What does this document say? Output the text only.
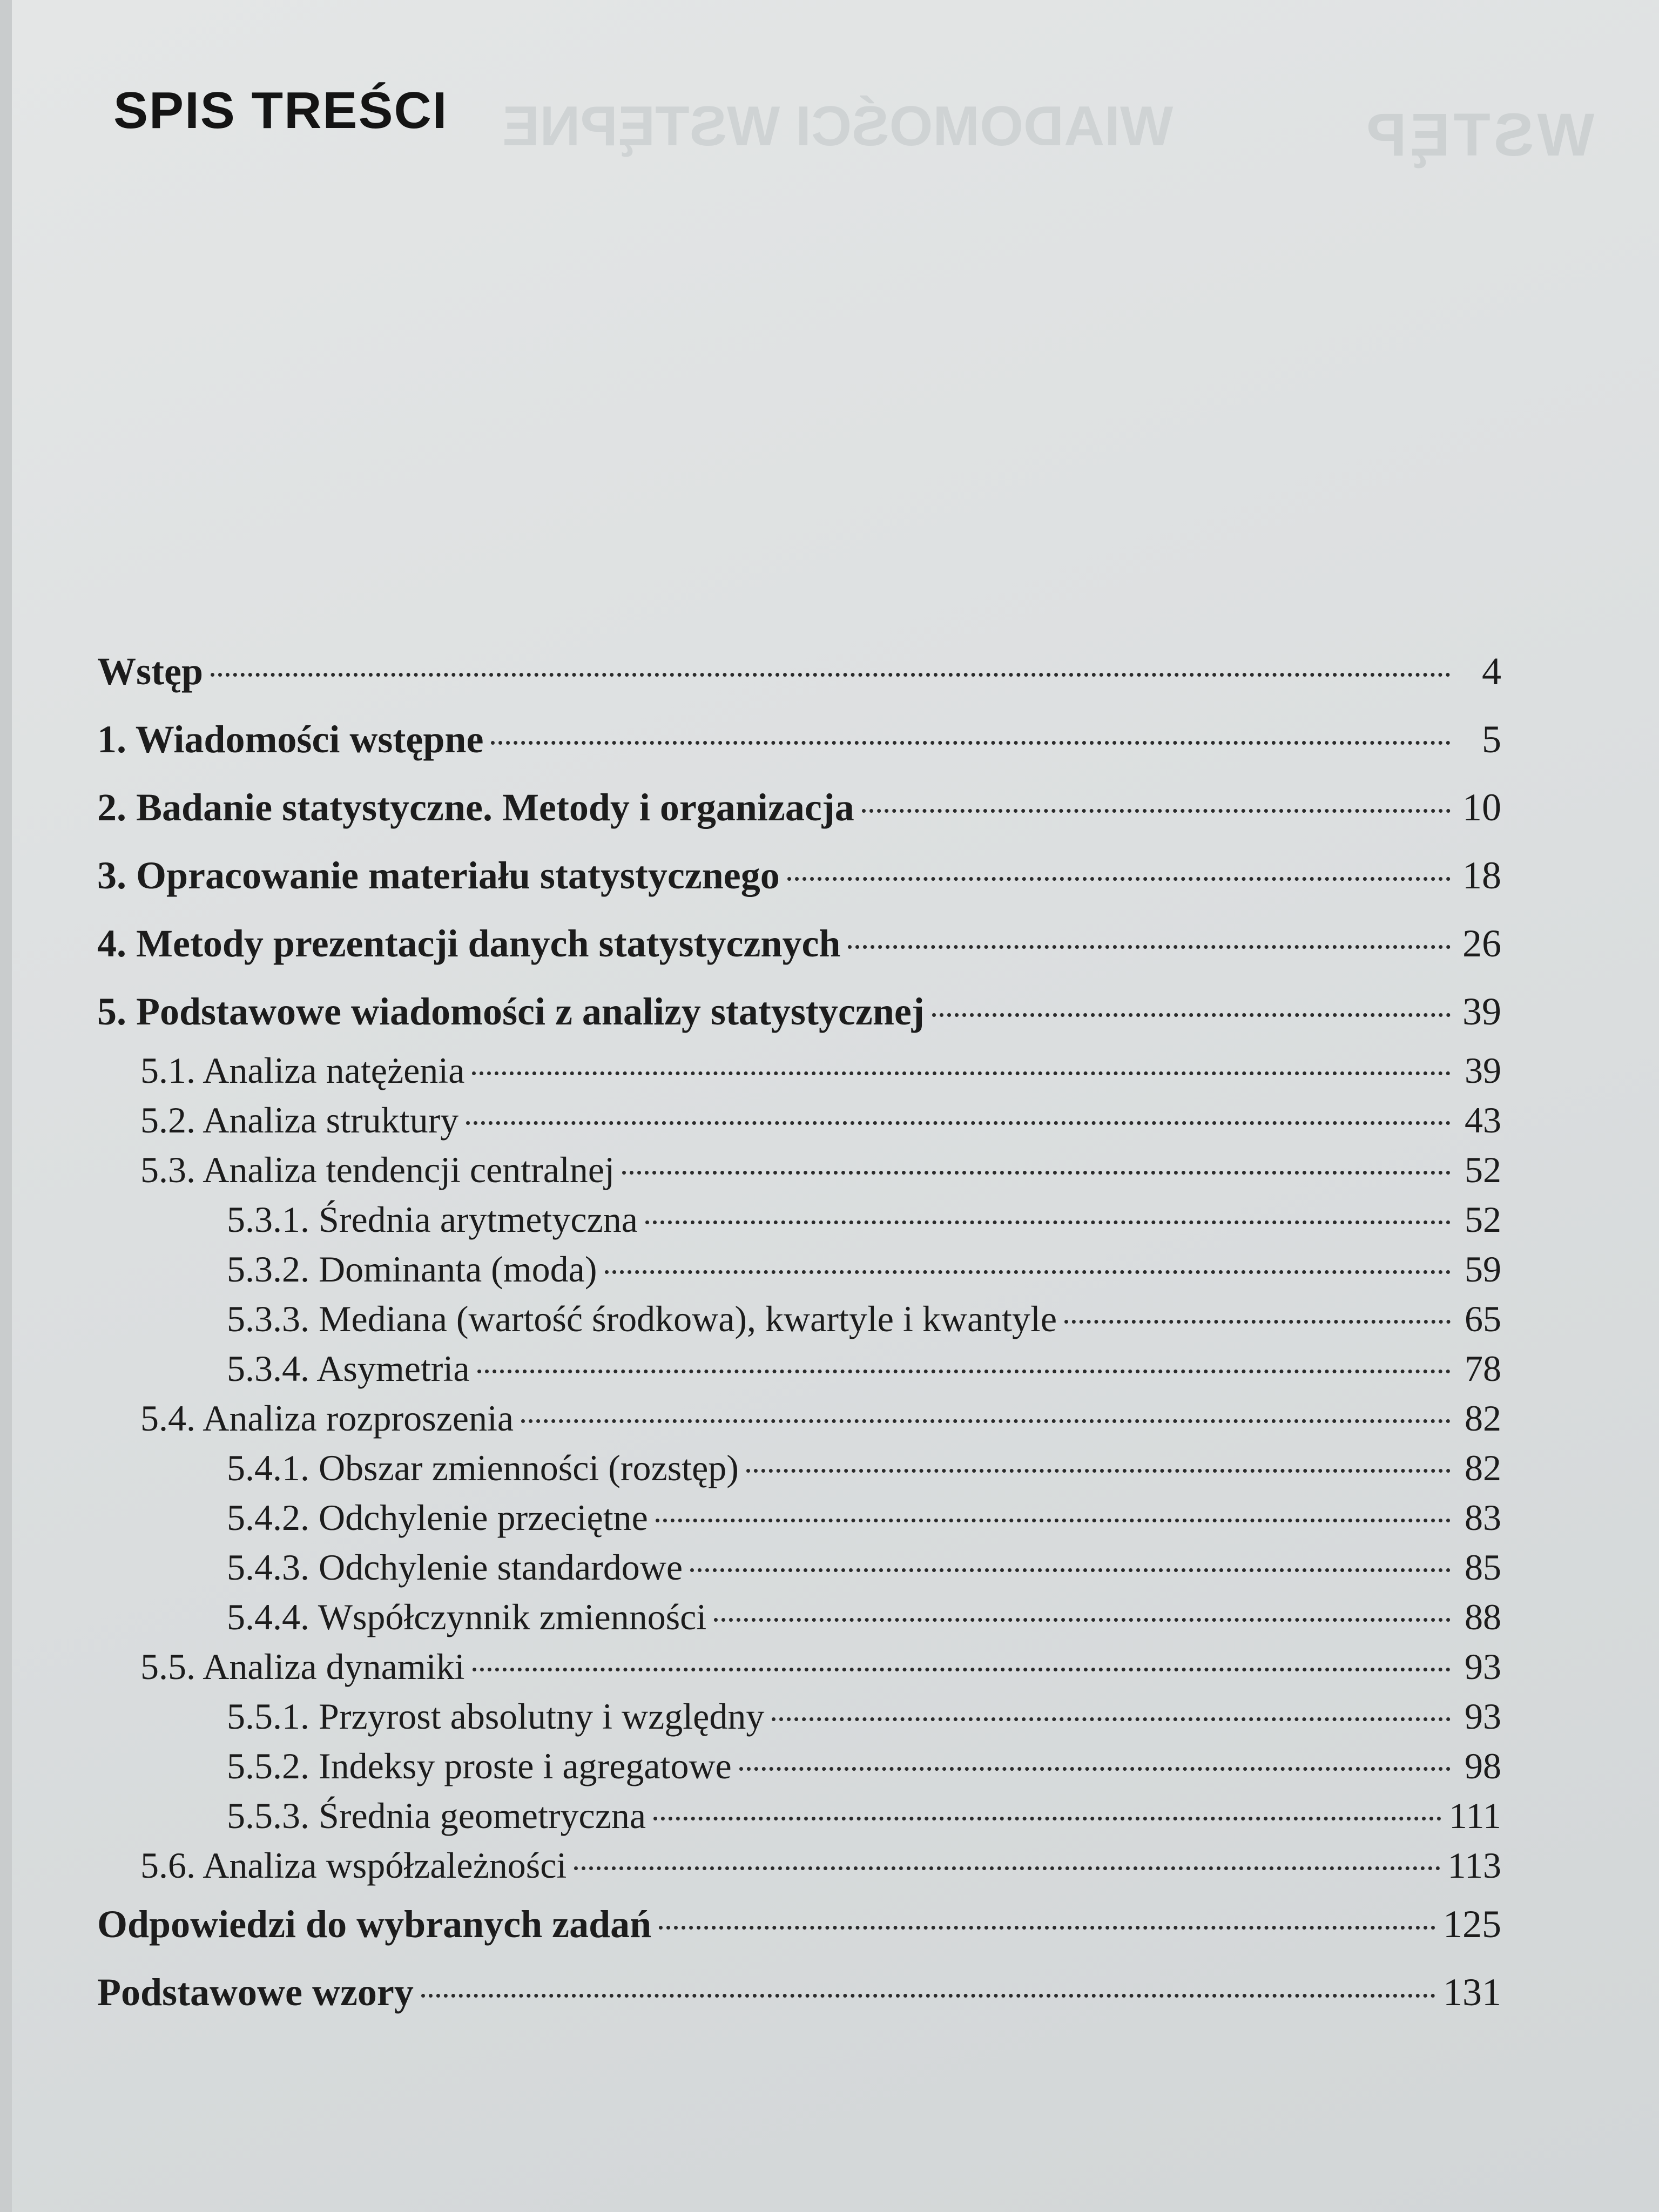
WIADOMOŚCI WSTĘPNE	WSTĘP
SPIS TREŚCI
Wstęp	4
1. Wiadomości wstępne	5
2. Badanie statystyczne. Metody i organizacja	10
3. Opracowanie materiału statystycznego	18
4. Metody prezentacji danych statystycznych	26
5. Podstawowe wiadomości z analizy statystycznej	39
5.1. Analiza natężenia	39
5.2. Analiza struktury	43
5.3. Analiza tendencji centralnej	52
5.3.1. Średnia arytmetyczna	52
5.3.2. Dominanta (moda)	59
5.3.3. Mediana (wartość środkowa), kwartyle i kwantyle	65
5.3.4. Asymetria	78
5.4. Analiza rozproszenia	82
5.4.1. Obszar zmienności (rozstęp)	82
5.4.2. Odchylenie przeciętne	83
5.4.3. Odchylenie standardowe	85
5.4.4. Współczynnik zmienności	88
5.5. Analiza dynamiki	93
5.5.1. Przyrost absolutny i względny	93
5.5.2. Indeksy proste i agregatowe	98
5.5.3. Średnia geometryczna	111
5.6. Analiza współzależności	113
Odpowiedzi do wybranych zadań	125
Podstawowe wzory	131
